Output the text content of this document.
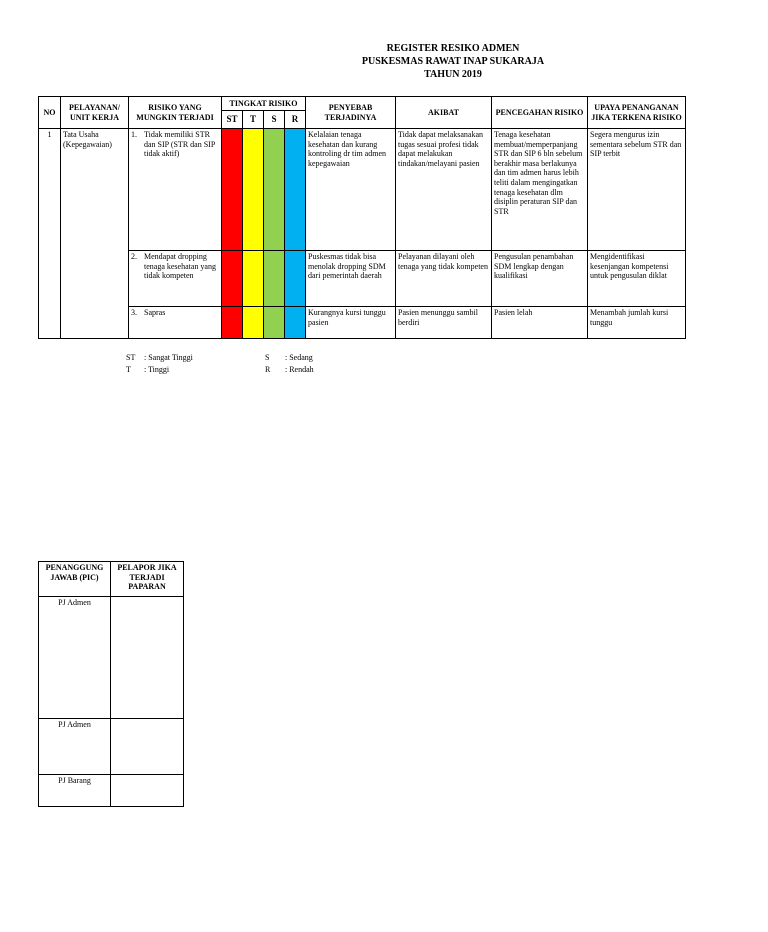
REGISTER RESIKO ADMEN
PUSKESMAS RAWAT INAP SUKARAJA
TAHUN 2019
NO	PELAYANAN/ UNIT KERJA	RISIKO YANG MUNGKIN TERJADI	TINGKAT RISIKO				PENYEBAB TERJADINYA	AKIBAT	PENCEGAHAN RISIKO	UPAYA PENANGANAN JIKA TERKENA RISIKO
			ST	T	S	R				
1	Tata Usaha (Kepegawaian)	1. Tidak memiliki STR dan SIP (STR dan SIP tidak aktif)					Kelalaian tenaga kesehatan dan kurang kontroling dr tim admen kepegawaian	Tidak dapat melaksanakan tugas sesuai profesi tidak dapat melakukan tindakan/melayani pasien	Tenaga kesehatan membuat/memperpanjang STR dan SIP 6 bln sebelum berakhir masa berlakunya dan tim admen harus lebih teliti dalam mengingatkan tenaga kesehatan dlm disiplin peraturan SIP dan STR	Segera mengurus izin sementara sebelum STR dan SIP terbit

		2. Mendapat dropping tenaga kesehatan yang tidak kompeten					Puskesmas tidak bisa menolak dropping SDM dari pemerintah daerah	Pelayanan dilayani oleh tenaga yang tidak kompeten	Pengusulan penambahan SDM lengkap dengan kualifikasi	Mengidentifikasi kesenjangan kompetensi untuk pengusulan diklat

		3. Sapras					Kurangnya kursi tunggu pasien	Pasien menunggu sambil berdiri	Pasien lelah	Menambah jumlah kursi tunggu
ST : Sangat Tinggi
T : Tinggi
S : Sedang
R : Rendah
PENANGGUNG JAWAB (PIC)	PELAPOR JIKA TERJADI PAPARAN
PJ Admen	
PJ Admen	
PJ Barang	
